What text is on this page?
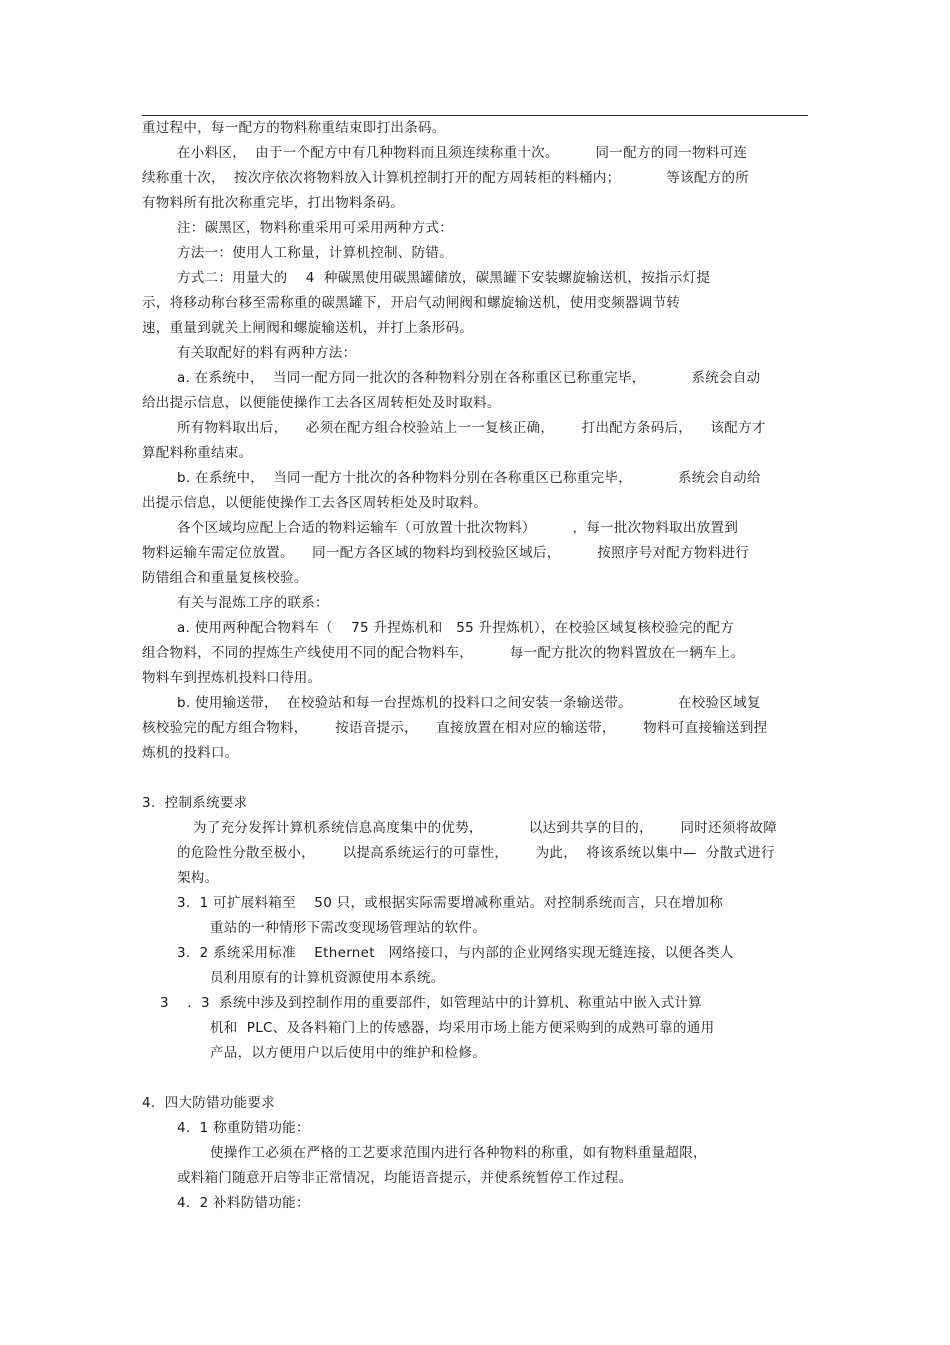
重过程中，每一配方的物料称重结束即打出条码。
在小料区，  由于一个配方中有几种物料而且须连续称重十次。        同一配方的同一物料可连
续称重十次，  按次序依次将物料放入计算机控制打开的配方周转柜的料桶内；          等该配方的所
有物料所有批次称重完毕，打出物料条码。
注：碳黑区，物料称重采用可采用两种方式：
方法一：使用人工称量，计算机控制、防错。
方式二：用量大的    4  种碳黑使用碳黑罐储放，碳黑罐下安装螺旋输送机，按指示灯提
示，将移动称台移至需称重的碳黑罐下，开启气动闸阀和螺旋输送机，使用变频器调节转
速，重量到就关上闸阀和螺旋输送机，并打上条形码。
有关取配好的料有两种方法：
a. 在系统中，  当同一配方同一批次的各种物料分别在各称重区已称重完毕，          系统会自动
给出提示信息，以便能使操作工去各区周转柜处及时取料。
所有物料取出后，    必须在配方组合校验站上一一复核正确，      打出配方条码后，    该配方才
算配料称重结束。
b. 在系统中，  当同一配方十批次的各种物料分别在各称重区已称重完毕，          系统会自动给
出提示信息，以便能使操作工去各区周转柜处及时取料。
各个区域均应配上合适的物料运输车（可放置十批次物料）        ，每一批次物料取出放置到
物料运输车需定位放置。    同一配方各区域的物料均到校验区域后，        按照序号对配方物料进行
防错组合和重量复核校验。
有关与混炼工序的联系：
a. 使用两种配合物料车（    75 升捏炼机和   55 升捏炼机），在校验区域复核校验完的配方
组合物料，不同的捏炼生产线使用不同的配合物料车，        每一配方批次的物料置放在一辆车上。
物料车到捏炼机投料口待用。
b. 使用输送带，  在校验站和每一台捏炼机的投料口之间安装一条输送带。          在校验区域复
核校验完的配方组合物料，      按语音提示，    直接放置在相对应的输送带，      物料可直接输送到捏
炼机的投料口。
3.  控制系统要求
为了充分发挥计算机系统信息高度集中的优势，          以达到共享的目的，      同时还须将故障
的危险性分散至极小，      以提高系统运行的可靠性，      为此，  将该系统以集中—  分散式进行
架构。
3.  1 可扩展料箱至    50 只，或根据实际需要增减称重站。对控制系统而言，只在增加称
重站的一种情形下需改变现场管理站的软件。
3.  2 系统采用标准    Ethernet   网络接口，与内部的企业网络实现无缝连接，以便各类人
员利用原有的计算机资源使用本系统。
3    .  3  系统中涉及到控制作用的重要部件，如管理站中的计算机、称重站中嵌入式计算
机和  PLC、及各料箱门上的传感器，均采用市场上能方便采购到的成熟可靠的通用
产品，以方便用户以后使用中的维护和检修。
4.  四大防错功能要求
4.  1 称重防错功能：
使操作工必须在严格的工艺要求范围内进行各种物料的称重，如有物料重量超限，
或料箱门随意开启等非正常情况，均能语音提示，并使系统暂停工作过程。
4.  2 补料防错功能：
